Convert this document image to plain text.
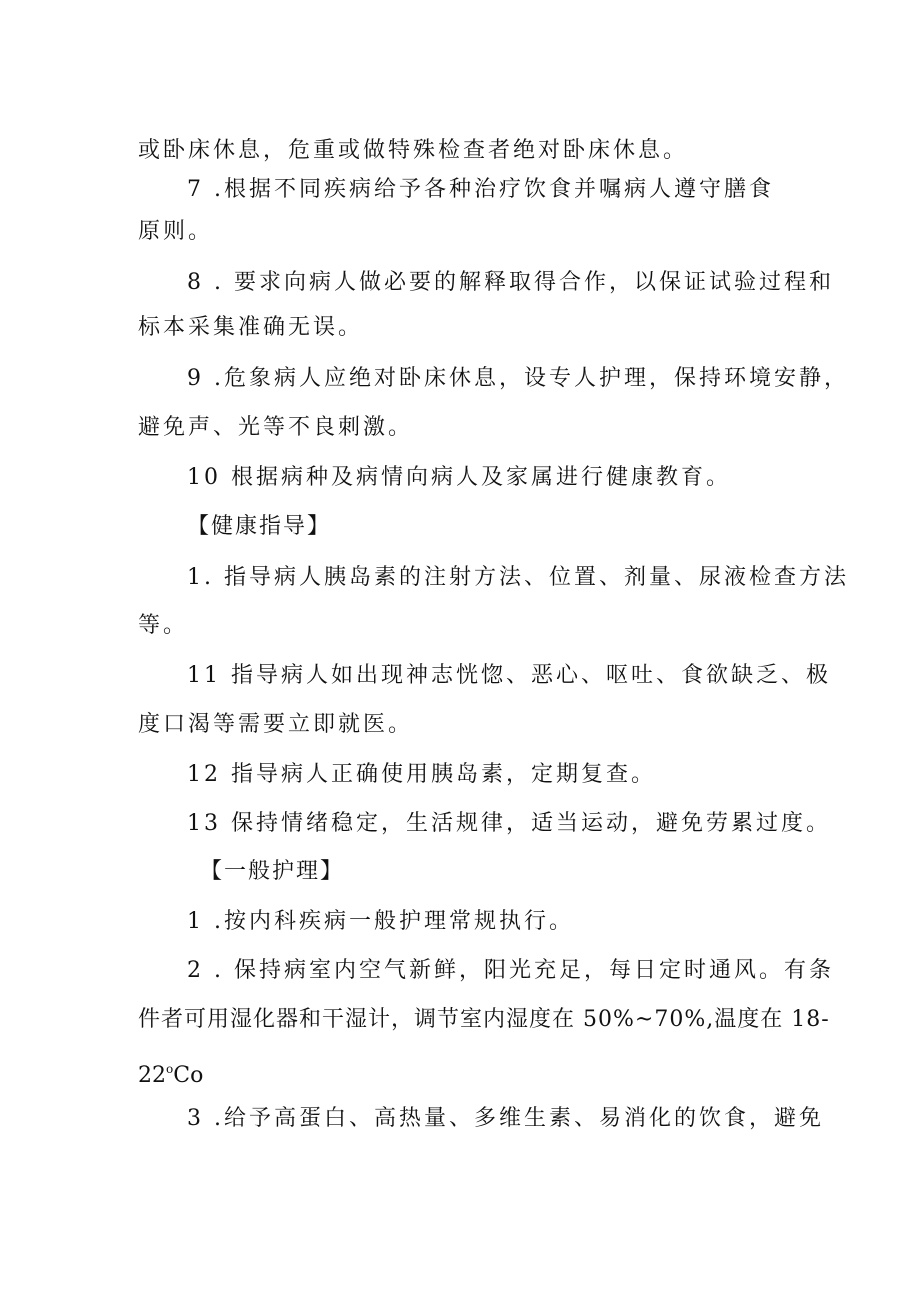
或卧床休息，危重或做特殊检查者绝对卧床休息。
7 .根据不同疾病给予各种治疗饮食并嘱病人遵守膳食
原则。
8 . 要求向病人做必要的解释取得合作，以保证试验过程和
标本采集准确无误。
9 .危象病人应绝对卧床休息，设专人护理，保持环境安静，
避免声、光等不良刺激。
10 根据病种及病情向病人及家属进行健康教育。
【健康指导】
1. 指导病人胰岛素的注射方法、位置、剂量、尿液检查方法
等。
11 指导病人如出现神志恍惚、恶心、呕吐、食欲缺乏、极
度口渴等需要立即就医。
12 指导病人正确使用胰岛素，定期复查。
13 保持情绪稳定，生活规律，适当运动，避免劳累过度。
【一般护理】
1 .按内科疾病一般护理常规执行。
2 . 保持病室内空气新鲜，阳光充足，每日定时通风。有条
件者可用湿化器和干湿计，调节室内湿度在 50%~70%,温度在 18-
22$^o$Co
3 .给予高蛋白、高热量、多维生素、易消化的饮食，避免
